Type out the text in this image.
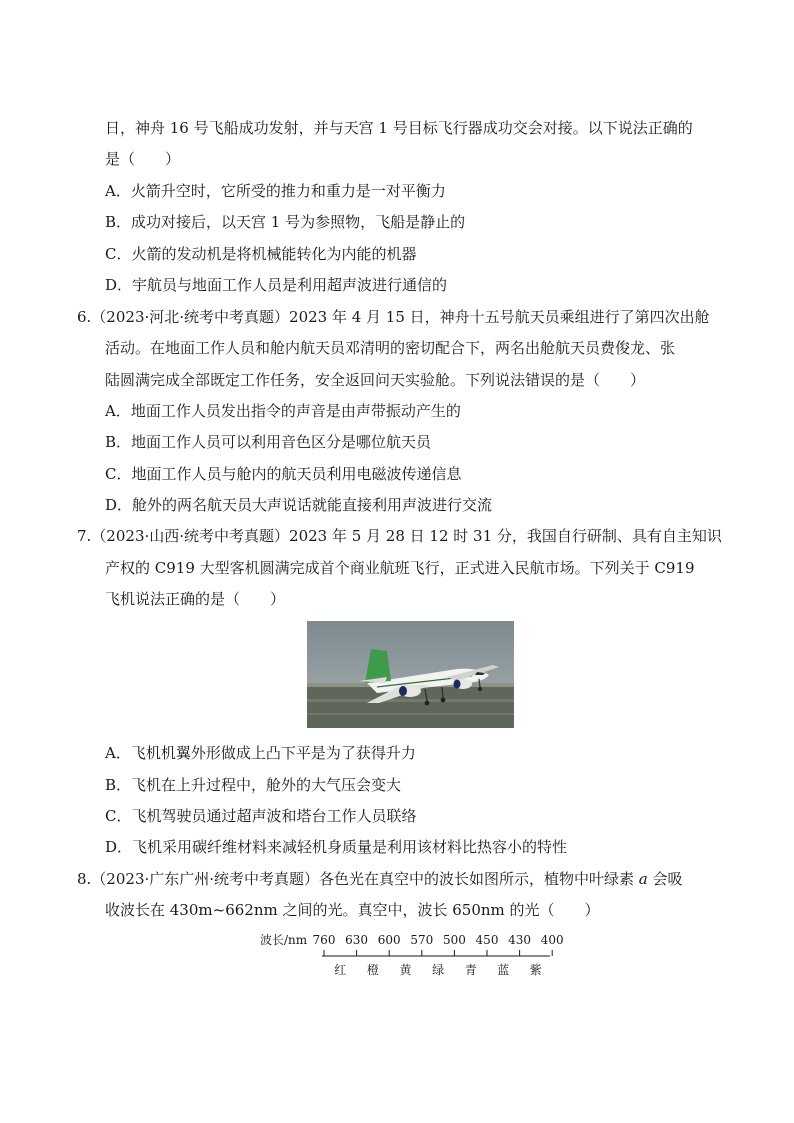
日，神舟 16 号飞船成功发射，并与天宫 1 号目标飞行器成功交会对接。以下说法正确的
是（　　）
A．火箭升空时，它所受的推力和重力是一对平衡力
B．成功对接后，以天宫 1 号为参照物，飞船是静止的
C．火箭的发动机是将机械能转化为内能的机器
D．宇航员与地面工作人员是利用超声波进行通信的
6.（2023·河北·统考中考真题）2023 年 4 月 15 日，神舟十五号航天员乘组进行了第四次出舱
活动。在地面工作人员和舱内航天员邓清明的密切配合下，两名出舱航天员费俊龙、张
陆圆满完成全部既定工作任务，安全返回问天实验舱。下列说法错误的是（　　）
A．地面工作人员发出指令的声音是由声带振动产生的
B．地面工作人员可以利用音色区分是哪位航天员
C．地面工作人员与舱内的航天员利用电磁波传递信息
D．舱外的两名航天员大声说话就能直接利用声波进行交流
7.（2023·山西·统考中考真题）2023 年 5 月 28 日 12 时 31 分，我国自行研制、具有自主知识
产权的 C919 大型客机圆满完成首个商业航班飞行，正式进入民航市场。下列关于 C919
飞机说法正确的是（　　）
A．飞机机翼外形做成上凸下平是为了获得升力
B．飞机在上升过程中，舱外的大气压会变大
C．飞机驾驶员通过超声波和塔台工作人员联络
D．飞机采用碳纤维材料来减轻机身质量是利用该材料比热容小的特性
8.（2023·广东广州·统考中考真题）各色光在真空中的波长如图所示，植物中叶绿素 a 会吸
收波长在 430m~662nm 之间的光。真空中，波长 650nm 的光（　　）
波长/nm 760 630 600 570 500 450 430 400
红 橙 黄 绿 青 蓝 紫
